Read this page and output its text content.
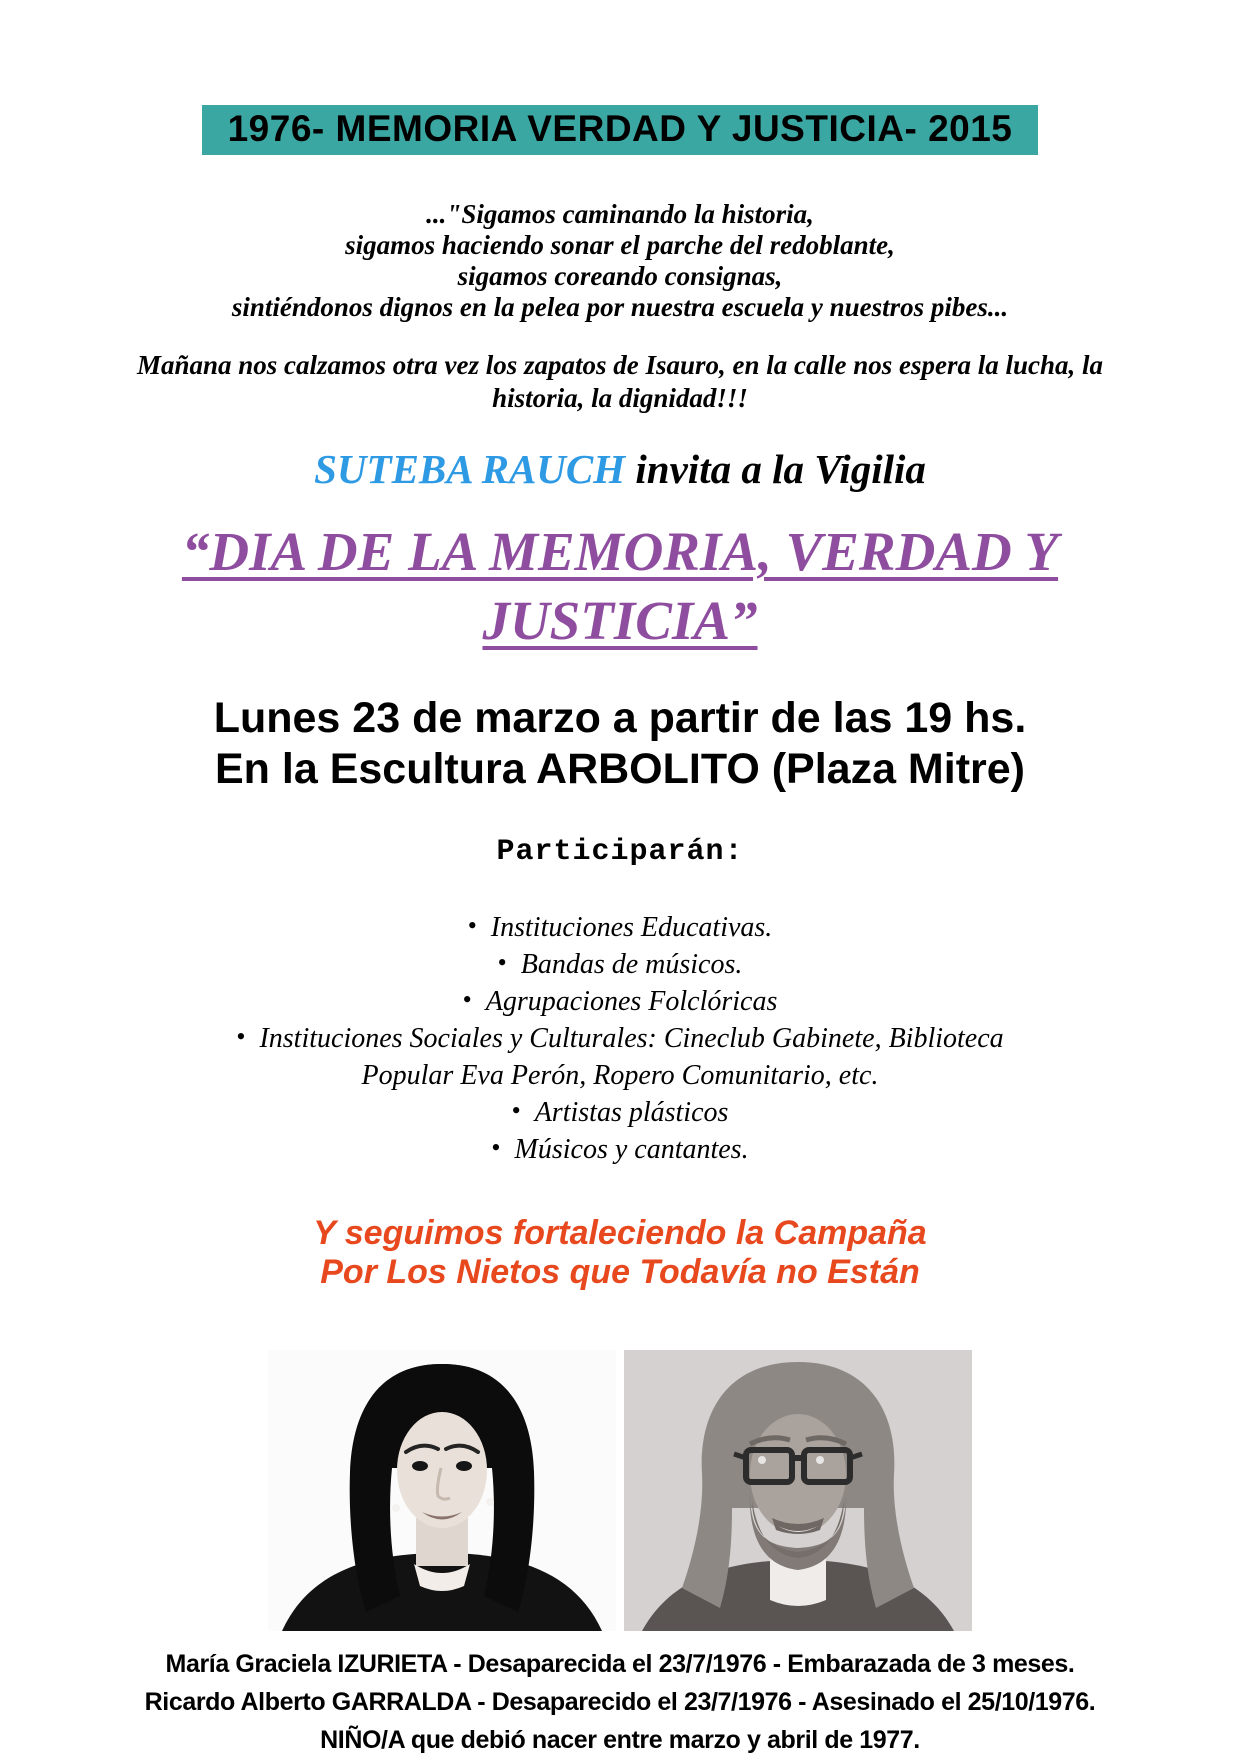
1976- MEMORIA VERDAD Y JUSTICIA- 2015
..."Sigamos caminando la historia,
sigamos haciendo sonar el parche del redoblante,
sigamos coreando consignas,
sintiéndonos dignos en la pelea por nuestra escuela y nuestros pibes...
Mañana nos calzamos otra vez los zapatos de Isauro, en la calle nos espera la lucha, la historia, la dignidad!!!
SUTEBA RAUCH invita a la Vigilia
“DIA DE LA MEMORIA, VERDAD Y
JUSTICIA”
Lunes 23 de marzo a partir de las 19 hs.
En la Escultura ARBOLITO (Plaza Mitre)
Participarán:
• Instituciones Educativas.
• Bandas de músicos.
• Agrupaciones Folclóricas
• Instituciones Sociales y Culturales: Cineclub Gabinete, Biblioteca Popular Eva Perón, Ropero Comunitario, etc.
• Artistas plásticos
• Músicos y cantantes.
Y seguimos fortaleciendo la Campaña
Por Los Nietos que Todavía no Están
María Graciela IZURIETA - Desaparecida el 23/7/1976 - Embarazada de 3 meses.
Ricardo Alberto GARRALDA - Desaparecido el 23/7/1976 - Asesinado el 25/10/1976.
NIÑO/A que debió nacer entre marzo y abril de 1977.
